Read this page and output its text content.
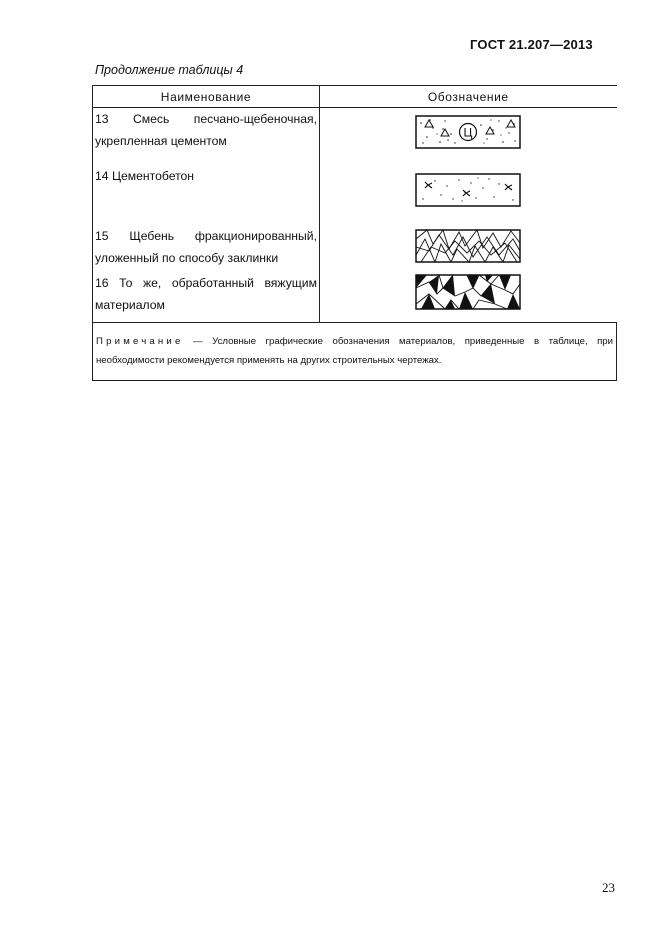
ГОСТ 21.207—2013
Продолжение таблицы 4
Наименование	Обозначение

13 Смесь песчано-щебеночная, укрепленная цементом	Ц

14 Цементобетон

15 Щебень фракционированный, уложенный по способу заклинки

16 То же, обработанный вяжущим материалом

Примечание — Условные графические обозначения материалов, приведенные в таблице, при необходимости рекомендуется применять на других строительных чертежах.	
23
